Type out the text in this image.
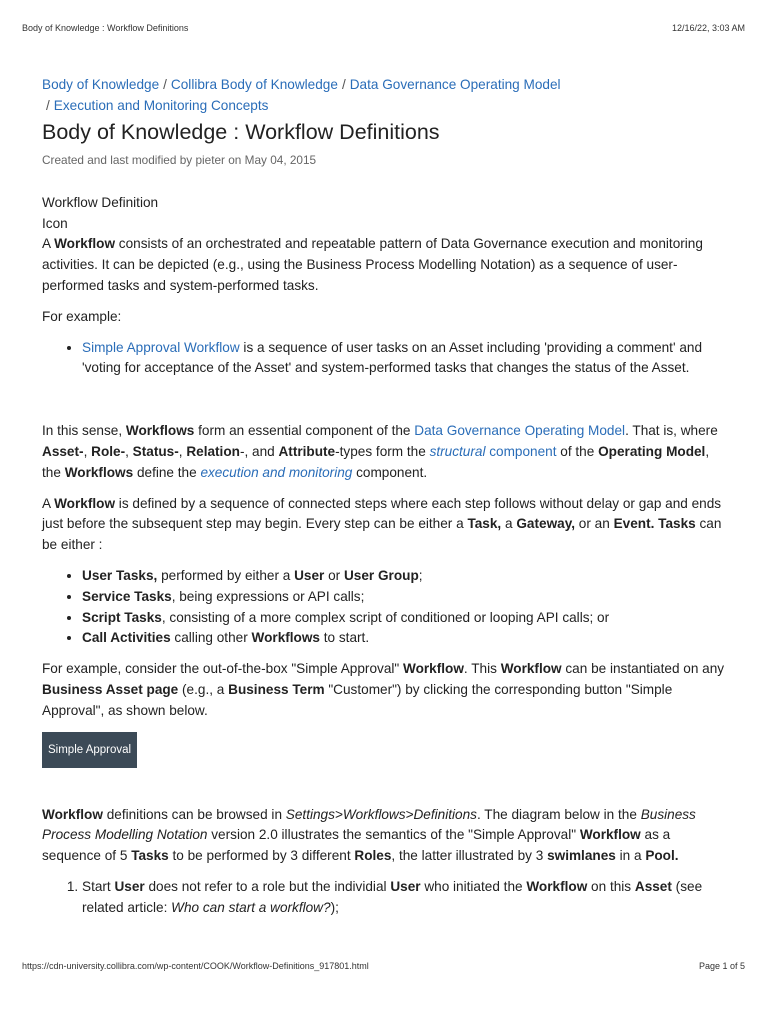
Body of Knowledge : Workflow Definitions	12/16/22, 3:03 AM
Body of Knowledge / Collibra Body of Knowledge / Data Governance Operating Model
/ Execution and Monitoring Concepts
Body of Knowledge : Workflow Definitions
Created and last modified by pieter on May 04, 2015

Workflow Definition

Icon

A Workflow consists of an orchestrated and repeatable pattern of Data Governance execution and monitoring activities. It can be depicted (e.g., using the Business Process Modelling Notation) as a sequence of user-performed tasks and system-performed tasks.

For example:

• Simple Approval Workflow is a sequence of user tasks on an Asset including 'providing a comment' and 'voting for acceptance of the Asset' and system-performed tasks that changes the status of the Asset.

In this sense, Workflows form an essential component of the Data Governance Operating Model. That is, where Asset-, Role-, Status-, Relation-, and Attribute-types form the structural component of the Operating Model, the Workflows define the execution and monitoring component.

A Workflow is defined by a sequence of connected steps where each step follows without delay or gap and ends just before the subsequent step may begin. Every step can be either a Task, a Gateway, or an Event. Tasks can be either :

• User Tasks, performed by either a User or User Group;
• Service Tasks, being expressions or API calls;
• Script Tasks, consisting of a more complex script of conditioned or looping API calls; or
• Call Activities calling other Workflows to start.

For example, consider the out-of-the-box "Simple Approval" Workflow. This Workflow can be instantiated on any Business Asset page (e.g., a Business Term "Customer") by clicking the corresponding button "Simple Approval", as shown below.

Simple Approval

Workflow definitions can be browsed in Settings>Workflows>Definitions. The diagram below in the Business Process Modelling Notation version 2.0 illustrates the semantics of the "Simple Approval" Workflow as a sequence of 5 Tasks to be performed by 3 different Roles, the latter illustrated by 3 swimlanes in a Pool.

1. Start User does not refer to a role but the individial User who initiated the Workflow on this Asset (see related article: Who can start a workflow?);
https://cdn-university.collibra.com/wp-content/COOK/Workflow-Definitions_917801.html	Page 1 of 5
